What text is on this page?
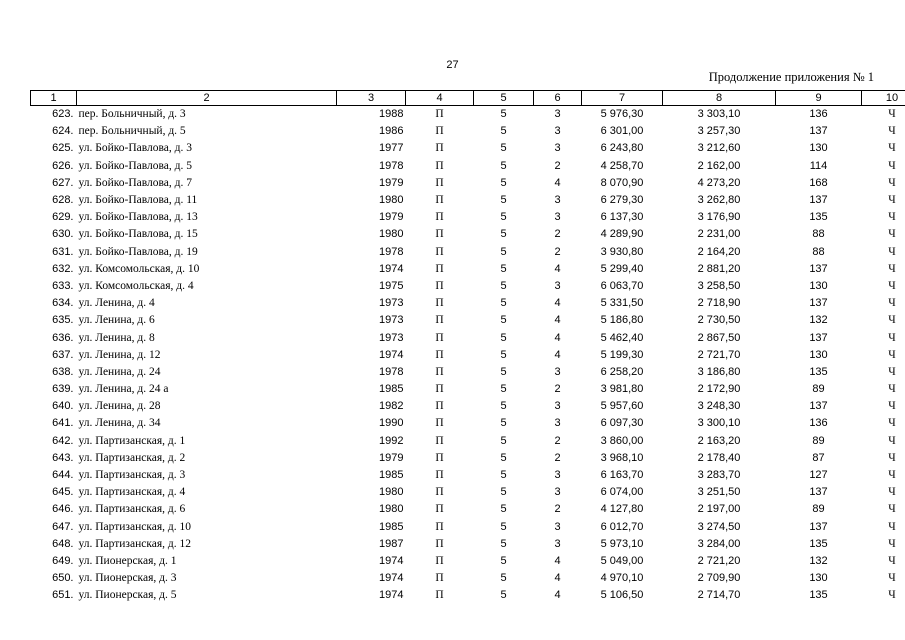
27
Продолжение приложения № 1
1	2	3	4	5	6	7	8	9	10
623.	пер. Больничный, д. 3	1988	П	5	3	5 976,30	3 303,10	136	Ч
624.	пер. Больничный, д. 5	1986	П	5	3	6 301,00	3 257,30	137	Ч
625.	ул. Бойко-Павлова, д. 3	1977	П	5	3	6 243,80	3 212,60	130	Ч
626.	ул. Бойко-Павлова, д. 5	1978	П	5	2	4 258,70	2 162,00	114	Ч
627.	ул. Бойко-Павлова, д. 7	1979	П	5	4	8 070,90	4 273,20	168	Ч
628.	ул. Бойко-Павлова, д. 11	1980	П	5	3	6 279,30	3 262,80	137	Ч
629.	ул. Бойко-Павлова, д. 13	1979	П	5	3	6 137,30	3 176,90	135	Ч
630.	ул. Бойко-Павлова, д. 15	1980	П	5	2	4 289,90	2 231,00	88	Ч
631.	ул. Бойко-Павлова, д. 19	1978	П	5	2	3 930,80	2 164,20	88	Ч
632.	ул. Комсомольская, д. 10	1974	П	5	4	5 299,40	2 881,20	137	Ч
633.	ул. Комсомольская, д. 4	1975	П	5	3	6 063,70	3 258,50	130	Ч
634.	ул. Ленина, д. 4	1973	П	5	4	5 331,50	2 718,90	137	Ч
635.	ул. Ленина, д. 6	1973	П	5	4	5 186,80	2 730,50	132	Ч
636.	ул. Ленина, д. 8	1973	П	5	4	5 462,40	2 867,50	137	Ч
637.	ул. Ленина, д. 12	1974	П	5	4	5 199,30	2 721,70	130	Ч
638.	ул. Ленина, д. 24	1978	П	5	3	6 258,20	3 186,80	135	Ч
639.	ул. Ленина, д. 24 а	1985	П	5	2	3 981,80	2 172,90	89	Ч
640.	ул. Ленина, д. 28	1982	П	5	3	5 957,60	3 248,30	137	Ч
641.	ул. Ленина, д. 34	1990	П	5	3	6 097,30	3 300,10	136	Ч
642.	ул. Партизанская, д. 1	1992	П	5	2	3 860,00	2 163,20	89	Ч
643.	ул. Партизанская, д. 2	1979	П	5	2	3 968,10	2 178,40	87	Ч
644.	ул. Партизанская, д. 3	1985	П	5	3	6 163,70	3 283,70	127	Ч
645.	ул. Партизанская, д. 4	1980	П	5	3	6 074,00	3 251,50	137	Ч
646.	ул. Партизанская, д. 6	1980	П	5	2	4 127,80	2 197,00	89	Ч
647.	ул. Партизанская, д. 10	1985	П	5	3	6 012,70	3 274,50	137	Ч
648.	ул. Партизанская, д. 12	1987	П	5	3	5 973,10	3 284,00	135	Ч
649.	ул. Пионерская, д. 1	1974	П	5	4	5 049,00	2 721,20	132	Ч
650.	ул. Пионерская, д. 3	1974	П	5	4	4 970,10	2 709,90	130	Ч
651.	ул. Пионерская, д. 5	1974	П	5	4	5 106,50	2 714,70	135	Ч
